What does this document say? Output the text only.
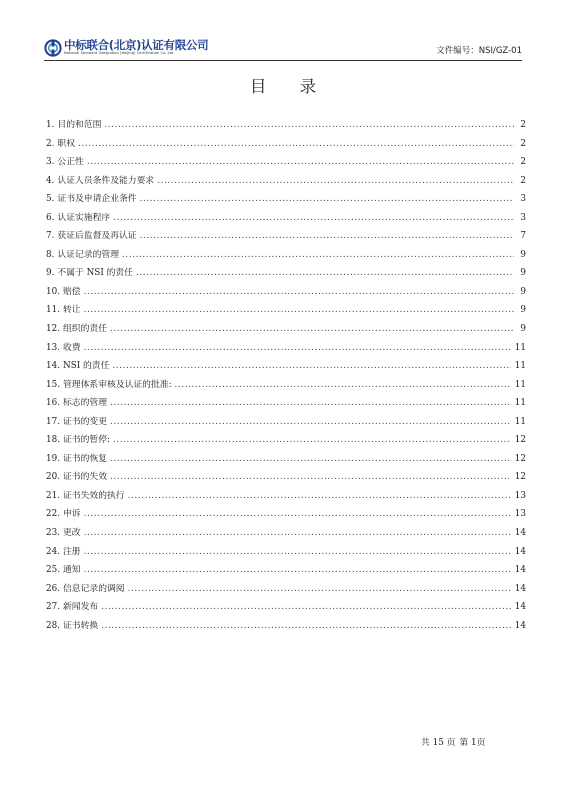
中标联合(北京)认证有限公司
National Standard Integration (Beijing) Certification Co.,Ltd	文件编号：NSI/GZ-01
目 录
1. 目的和范围 .....	2
2. 职权 .....	2
3. 公正性 .....	2
4. 认证人员条件及能力要求 .....	2
5. 证书及申请企业条件 .....	3
6. 认证实施程序 .....	3
7. 获证后监督及再认证 .....	7
8. 认证记录的管理 .....	9
9. 不属于 NSI 的责任 .....	9
10. 赔偿 .....	9
11. 转让 .....	9
12. 组织的责任 .....	9
13. 收费 .....	11
14. NSI 的责任 .....	11
15. 管理体系审核及认证的批准: .....	11
16. 标志的管理 .....	11
17. 证书的变更 .....	11
18. 证书的暂停: .....	12
19. 证书的恢复 .....	12
20. 证书的失效 .....	12
21. 证书失效的执行 .....	13
22. 申诉 .....	13
23. 更改 .....	14
24. 注册 .....	14
25. 通知 .....	14
26. 信息记录的调阅 .....	14
27. 新闻发布 .....	14
28. 证书转换 .....	14
共 15 页 第 1页
